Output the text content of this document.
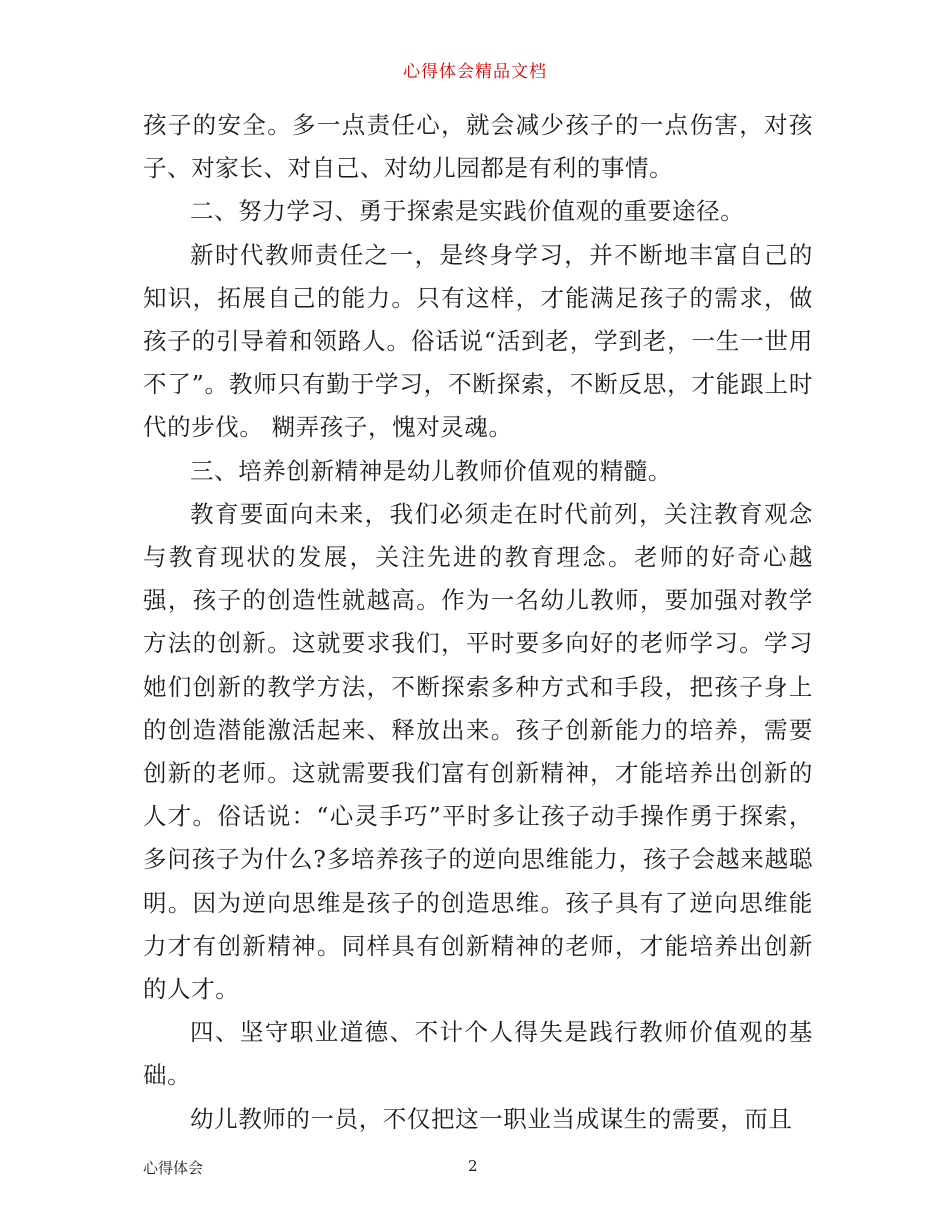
心得体会精品文档

孩子的安全。多一点责任心，就会减少孩子的一点伤害，对孩子、对家长、对自己、对幼儿园都是有利的事情。

二、努力学习、勇于探索是实践价值观的重要途径。

新时代教师责任之一，是终身学习，并不断地丰富自己的知识，拓展自己的能力。只有这样，才能满足孩子的需求，做孩子的引导着和领路人。俗话说“活到老，学到老，一生一世用不了”。教师只有勤于学习，不断探索，不断反思，才能跟上时代的步伐。 糊弄孩子，愧对灵魂。

三、培养创新精神是幼儿教师价值观的精髓。

教育要面向未来，我们必须走在时代前列，关注教育观念与教育现状的发展，关注先进的教育理念。老师的好奇心越强，孩子的创造性就越高。作为一名幼儿教师，要加强对教学方法的创新。这就要求我们，平时要多向好的老师学习。学习她们创新的教学方法，不断探索多种方式和手段，把孩子身上的创造潜能激活起来、释放出来。孩子创新能力的培养，需要创新的老师。这就需要我们富有创新精神，才能培养出创新的人才。俗话说：“心灵手巧”平时多让孩子动手操作勇于探索，多问孩子为什么?多培养孩子的逆向思维能力，孩子会越来越聪明。因为逆向思维是孩子的创造思维。孩子具有了逆向思维能力才有创新精神。同样具有创新精神的老师，才能培养出创新的人才。

四、坚守职业道德、不计个人得失是践行教师价值观的基础。

幼儿教师的一员，不仅把这一职业当成谋生的需要，而且

心得体会	2
